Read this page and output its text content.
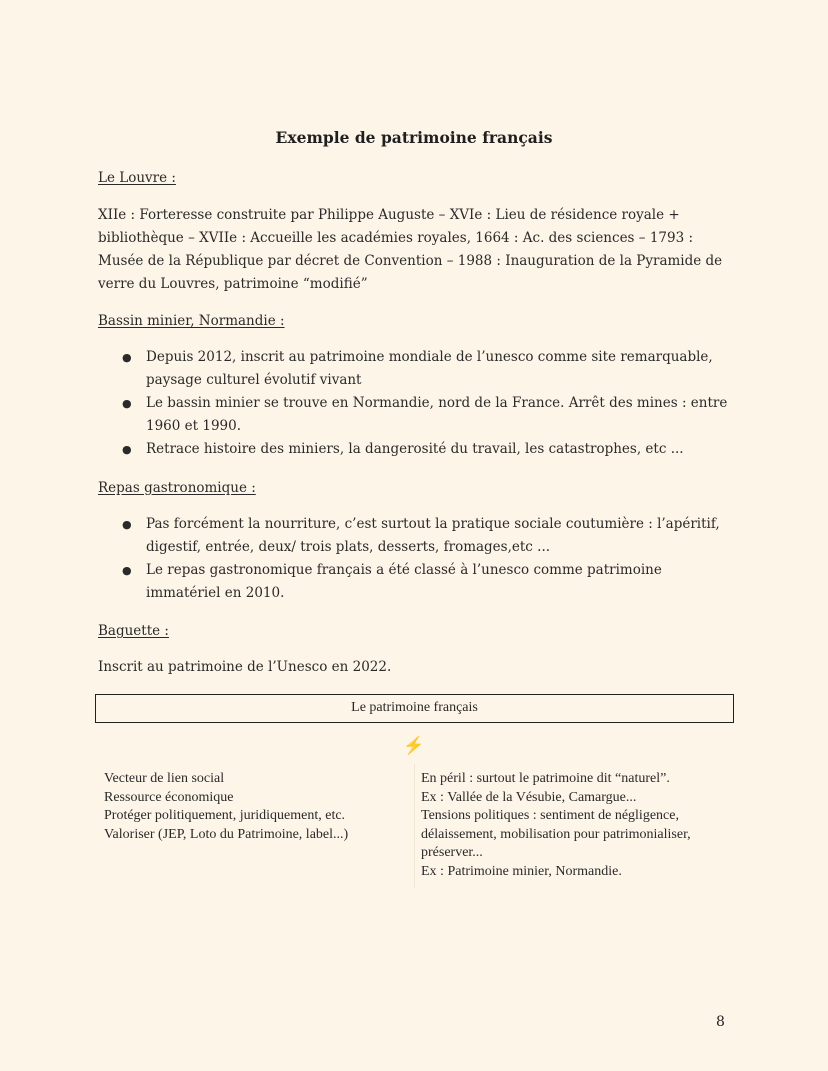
Exemple de patrimoine français
Le Louvre :
XIIe : Forteresse construite par Philippe Auguste – XVIe : Lieu de résidence royale + bibliothèque – XVIIe : Accueille les académies royales, 1664 : Ac. des sciences – 1793 : Musée de la République par décret de Convention – 1988 : Inauguration de la Pyramide de verre du Louvres, patrimoine “modifié”
Bassin minier, Normandie :
● Depuis 2012, inscrit au patrimoine mondiale de l’unesco comme site remarquable, paysage culturel évolutif vivant
● Le bassin minier se trouve en Normandie, nord de la France. Arrêt des mines : entre 1960 et 1990.
● Retrace histoire des miniers, la dangerosité du travail, les catastrophes, etc ...
Repas gastronomique :
● Pas forcément la nourriture, c’est surtout la pratique sociale coutumière : l’apéritif, digestif, entrée, deux/ trois plats, desserts, fromages,etc ...
● Le repas gastronomique français a été classé à l’unesco comme patrimoine immatériel en 2010.
Baguette :
Inscrit au patrimoine de l’Unesco en 2022.
Le patrimoine français
⚡
Vecteur de lien social
Ressource économique
Protéger politiquement, juridiquement, etc.
Valoriser (JEP, Loto du Patrimoine, label...)
En péril : surtout le patrimoine dit “naturel”.
Ex : Vallée de la Vésubie, Camargue...
Tensions politiques : sentiment de négligence, délaissement, mobilisation pour patrimonialiser, préserver...
Ex : Patrimoine minier, Normandie.
8
